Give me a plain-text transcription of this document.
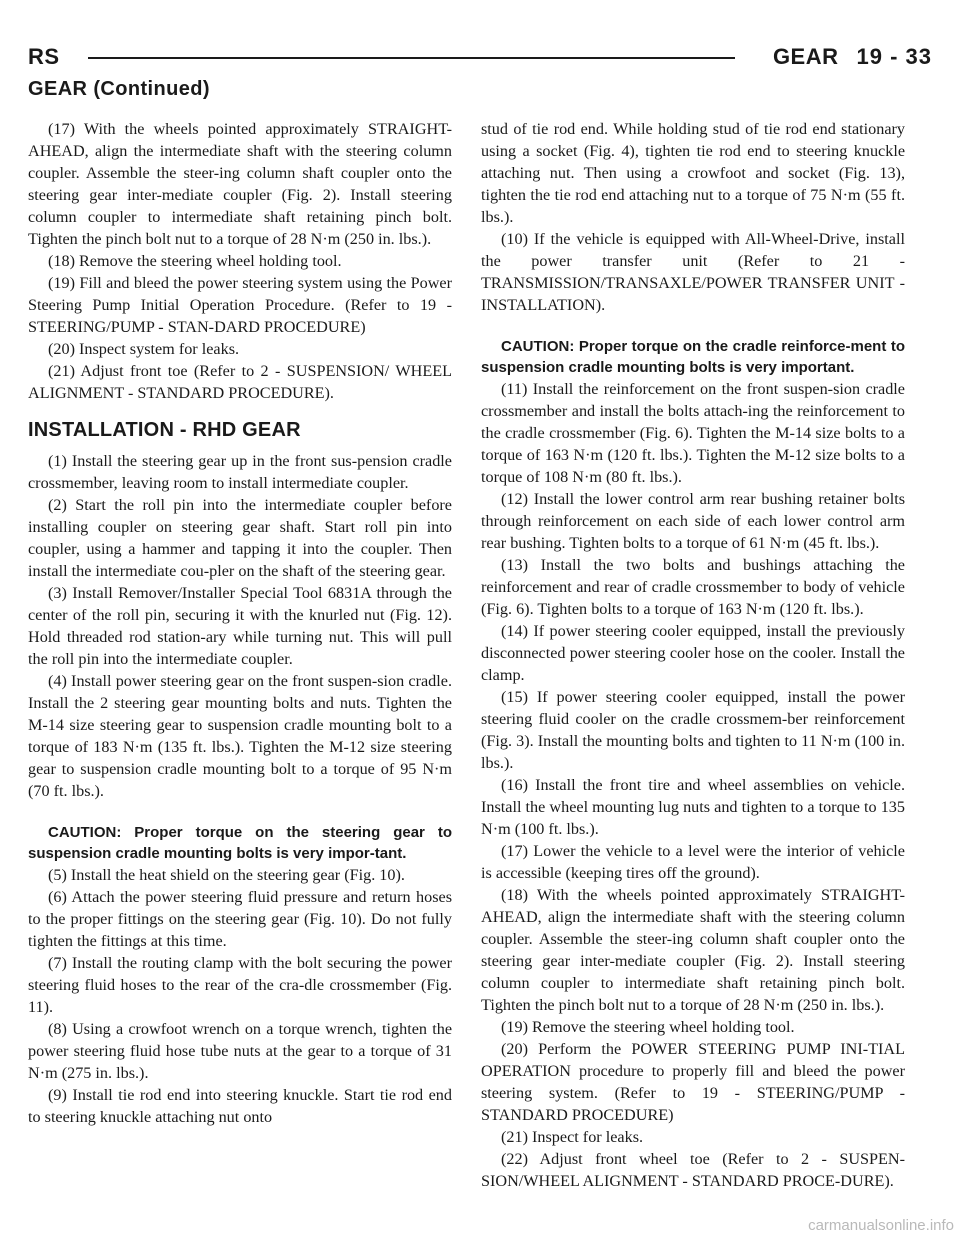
RS	GEAR 19 - 33
GEAR (Continued)

(17) With the wheels pointed approximately STRAIGHT-AHEAD, align the intermediate shaft with the steering column coupler. Assemble the steer-ing column shaft coupler onto the steering gear inter-mediate coupler (Fig. 2). Install steering column coupler to intermediate shaft retaining pinch bolt. Tighten the pinch bolt nut to a torque of 28 N·m (250 in. lbs.).

(18) Remove the steering wheel holding tool.

(19) Fill and bleed the power steering system using the Power Steering Pump Initial Operation Procedure. (Refer to 19 - STEERING/PUMP - STAN-DARD PROCEDURE)

(20) Inspect system for leaks.

(21) Adjust front toe (Refer to 2 - SUSPENSION/ WHEEL ALIGNMENT - STANDARD PROCEDURE).

INSTALLATION - RHD GEAR

(1) Install the steering gear up in the front sus-pension cradle crossmember, leaving room to install intermediate coupler.

(2) Start the roll pin into the intermediate coupler before installing coupler on steering gear shaft. Start roll pin into coupler, using a hammer and tapping it into the coupler. Then install the intermediate cou-pler on the shaft of the steering gear.

(3) Install Remover/Installer Special Tool 6831A through the center of the roll pin, securing it with the knurled nut (Fig. 12). Hold threaded rod station-ary while turning nut. This will pull the roll pin into the intermediate coupler.

(4) Install power steering gear on the front suspen-sion cradle. Install the 2 steering gear mounting bolts and nuts. Tighten the M-14 size steering gear to suspension cradle mounting bolt to a torque of 183 N·m (135 ft. lbs.). Tighten the M-12 size steering gear to suspension cradle mounting bolt to a torque of 95 N·m (70 ft. lbs.).

CAUTION: Proper torque on the steering gear to suspension cradle mounting bolts is very impor-tant.

(5) Install the heat shield on the steering gear (Fig. 10).

(6) Attach the power steering fluid pressure and return hoses to the proper fittings on the steering gear (Fig. 10). Do not fully tighten the fittings at this time.

(7) Install the routing clamp with the bolt securing the power steering fluid hoses to the rear of the cra-dle crossmember (Fig. 11).

(8) Using a crowfoot wrench on a torque wrench, tighten the power steering fluid hose tube nuts at the gear to a torque of 31 N·m (275 in. lbs.).

(9) Install tie rod end into steering knuckle. Start tie rod end to steering knuckle attaching nut onto

stud of tie rod end. While holding stud of tie rod end stationary using a socket (Fig. 4), tighten tie rod end to steering knuckle attaching nut. Then using a crowfoot and socket (Fig. 13), tighten the tie rod end attaching nut to a torque of 75 N·m (55 ft. lbs.).

(10) If the vehicle is equipped with All-Wheel-Drive, install the power transfer unit (Refer to 21 - TRANSMISSION/TRANSAXLE/POWER TRANSFER UNIT - INSTALLATION).

CAUTION: Proper torque on the cradle reinforce-ment to suspension cradle mounting bolts is very important.

(11) Install the reinforcement on the front suspen-sion cradle crossmember and install the bolts attach-ing the reinforcement to the cradle crossmember (Fig. 6). Tighten the M-14 size bolts to a torque of 163 N·m (120 ft. lbs.). Tighten the M-12 size bolts to a torque of 108 N·m (80 ft. lbs.).

(12) Install the lower control arm rear bushing retainer bolts through reinforcement on each side of each lower control arm rear bushing. Tighten bolts to a torque of 61 N·m (45 ft. lbs.).

(13) Install the two bolts and bushings attaching the reinforcement and rear of cradle crossmember to body of vehicle (Fig. 6). Tighten bolts to a torque of 163 N·m (120 ft. lbs.).

(14) If power steering cooler equipped, install the previously disconnected power steering cooler hose on the cooler. Install the clamp.

(15) If power steering cooler equipped, install the power steering fluid cooler on the cradle crossmem-ber reinforcement (Fig. 3). Install the mounting bolts and tighten to 11 N·m (100 in. lbs.).

(16) Install the front tire and wheel assemblies on vehicle. Install the wheel mounting lug nuts and tighten to a torque to 135 N·m (100 ft. lbs.).

(17) Lower the vehicle to a level were the interior of vehicle is accessible (keeping tires off the ground).

(18) With the wheels pointed approximately STRAIGHT-AHEAD, align the intermediate shaft with the steering column coupler. Assemble the steer-ing column shaft coupler onto the steering gear inter-mediate coupler (Fig. 2). Install steering column coupler to intermediate shaft retaining pinch bolt. Tighten the pinch bolt nut to a torque of 28 N·m (250 in. lbs.).

(19) Remove the steering wheel holding tool.

(20) Perform the POWER STEERING PUMP INI-TIAL OPERATION procedure to properly fill and bleed the power steering system. (Refer to 19 - STEERING/PUMP - STANDARD PROCEDURE)

(21) Inspect for leaks.

(22) Adjust front wheel toe (Refer to 2 - SUSPEN-SION/WHEEL ALIGNMENT - STANDARD PROCE-DURE).

carmanualsonline.info
